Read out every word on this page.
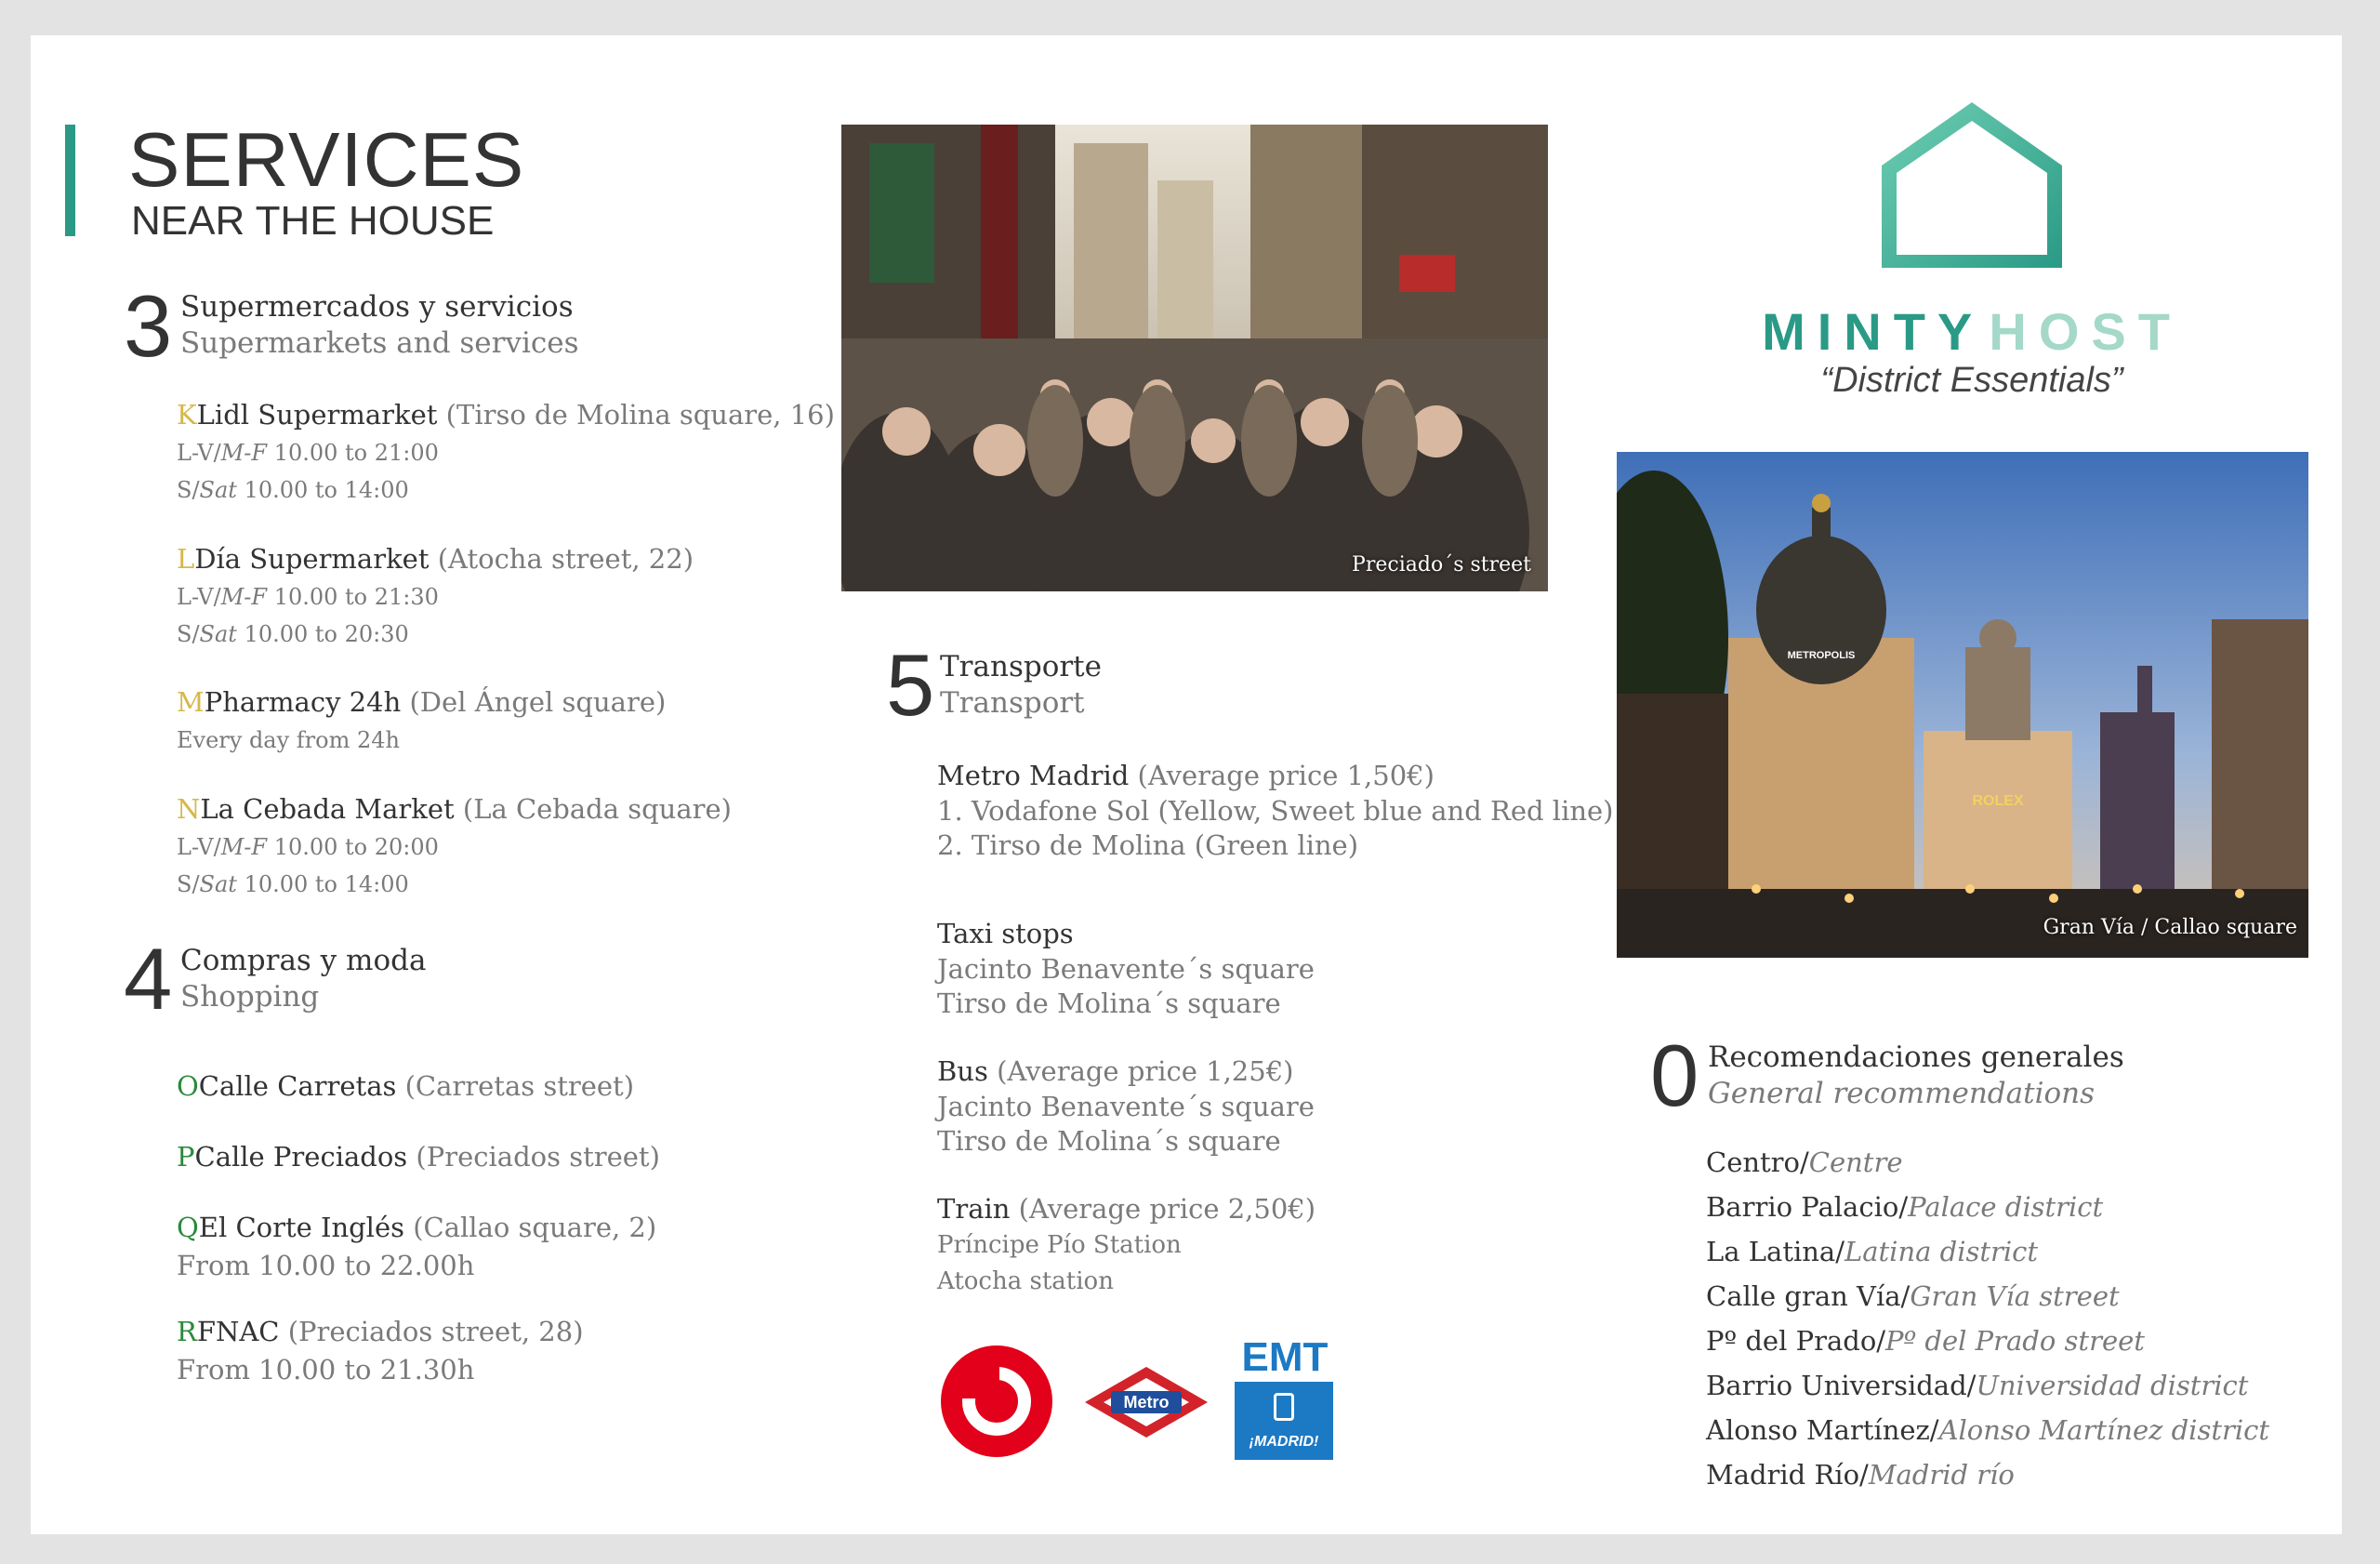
SERVICES
NEAR THE HOUSE
3 Supermercados y servicios
Supermarkets and services
KLidl Supermarket (Tirso de Molina square, 16)
L-V/M-F 10.00 to 21:00
S/Sat 10.00 to 14:00
LDía Supermarket (Atocha street, 22)
L-V/M-F 10.00 to 21:30
S/Sat 10.00 to 20:30
MPharmacy 24h (Del Ángel square)
Every day from 24h
NLa Cebada Market (La Cebada square)
L-V/M-F 10.00 to 20:00
S/Sat 10.00 to 14:00
4 Compras y moda
Shopping
OCalle Carretas (Carretas street)
PCalle Preciados (Preciados street)
QEl Corte Inglés (Callao square, 2)
From 10.00 to 22.00h
RFNAC (Preciados street, 28)
From 10.00 to 21.30h
Preciado´s street
5 Transporte
Transport
Metro Madrid (Average price 1,50€)
1. Vodafone Sol (Yellow, Sweet blue and Red line)
2. Tirso de Molina (Green line)
Taxi stops
Jacinto Benavente´s square
Tirso de Molina´s square
Bus (Average price 1,25€)
Jacinto Benavente´s square
Tirso de Molina´s square
Train (Average price 2,50€)
Príncipe Pío Station
Atocha station
Metro
EMT
¡MADRID!
MINTY HOST
“District Essentials”
METROPOLIS
ROLEX
Gran Vía / Callao square
0 Recomendaciones generales
General recommendations
Centro/Centre
Barrio Palacio/Palace district
La Latina/Latina district
Calle gran Vía/Gran Vía street
Pº del Prado/Pº del Prado street
Barrio Universidad/Universidad district
Alonso Martínez/Alonso Martínez district
Madrid Río/Madrid río
